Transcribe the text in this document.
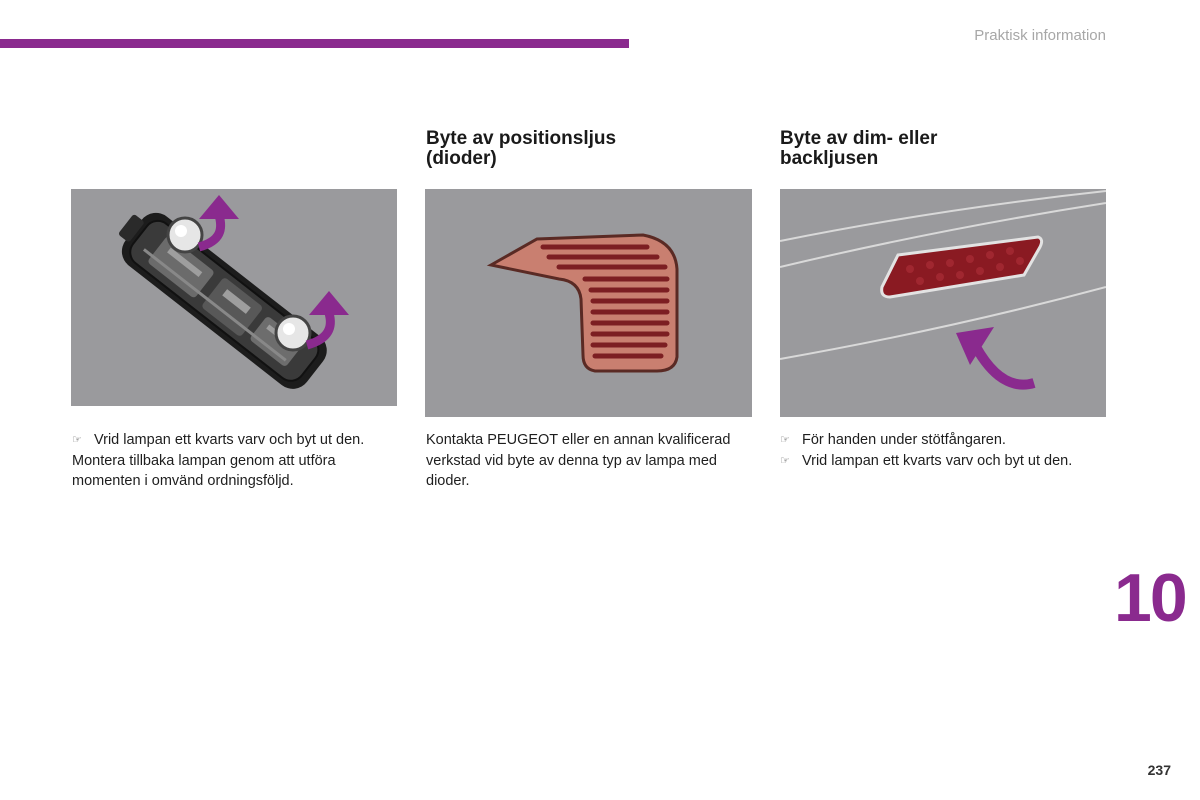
Praktisk information
Byte av positionsljus
(dioder)
Byte av dim- eller
backljusen
☞ Vrid lampan ett kvarts varv och byt ut den.
Montera tillbaka lampan genom att utföra
momenten i omvänd ordningsföljd.
Kontakta PEUGEOT eller en annan kvalificerad
verkstad vid byte av denna typ av lampa med
dioder.
☞ För handen under stötfångaren.
☞ Vrid lampan ett kvarts varv och byt ut den.
10
237
